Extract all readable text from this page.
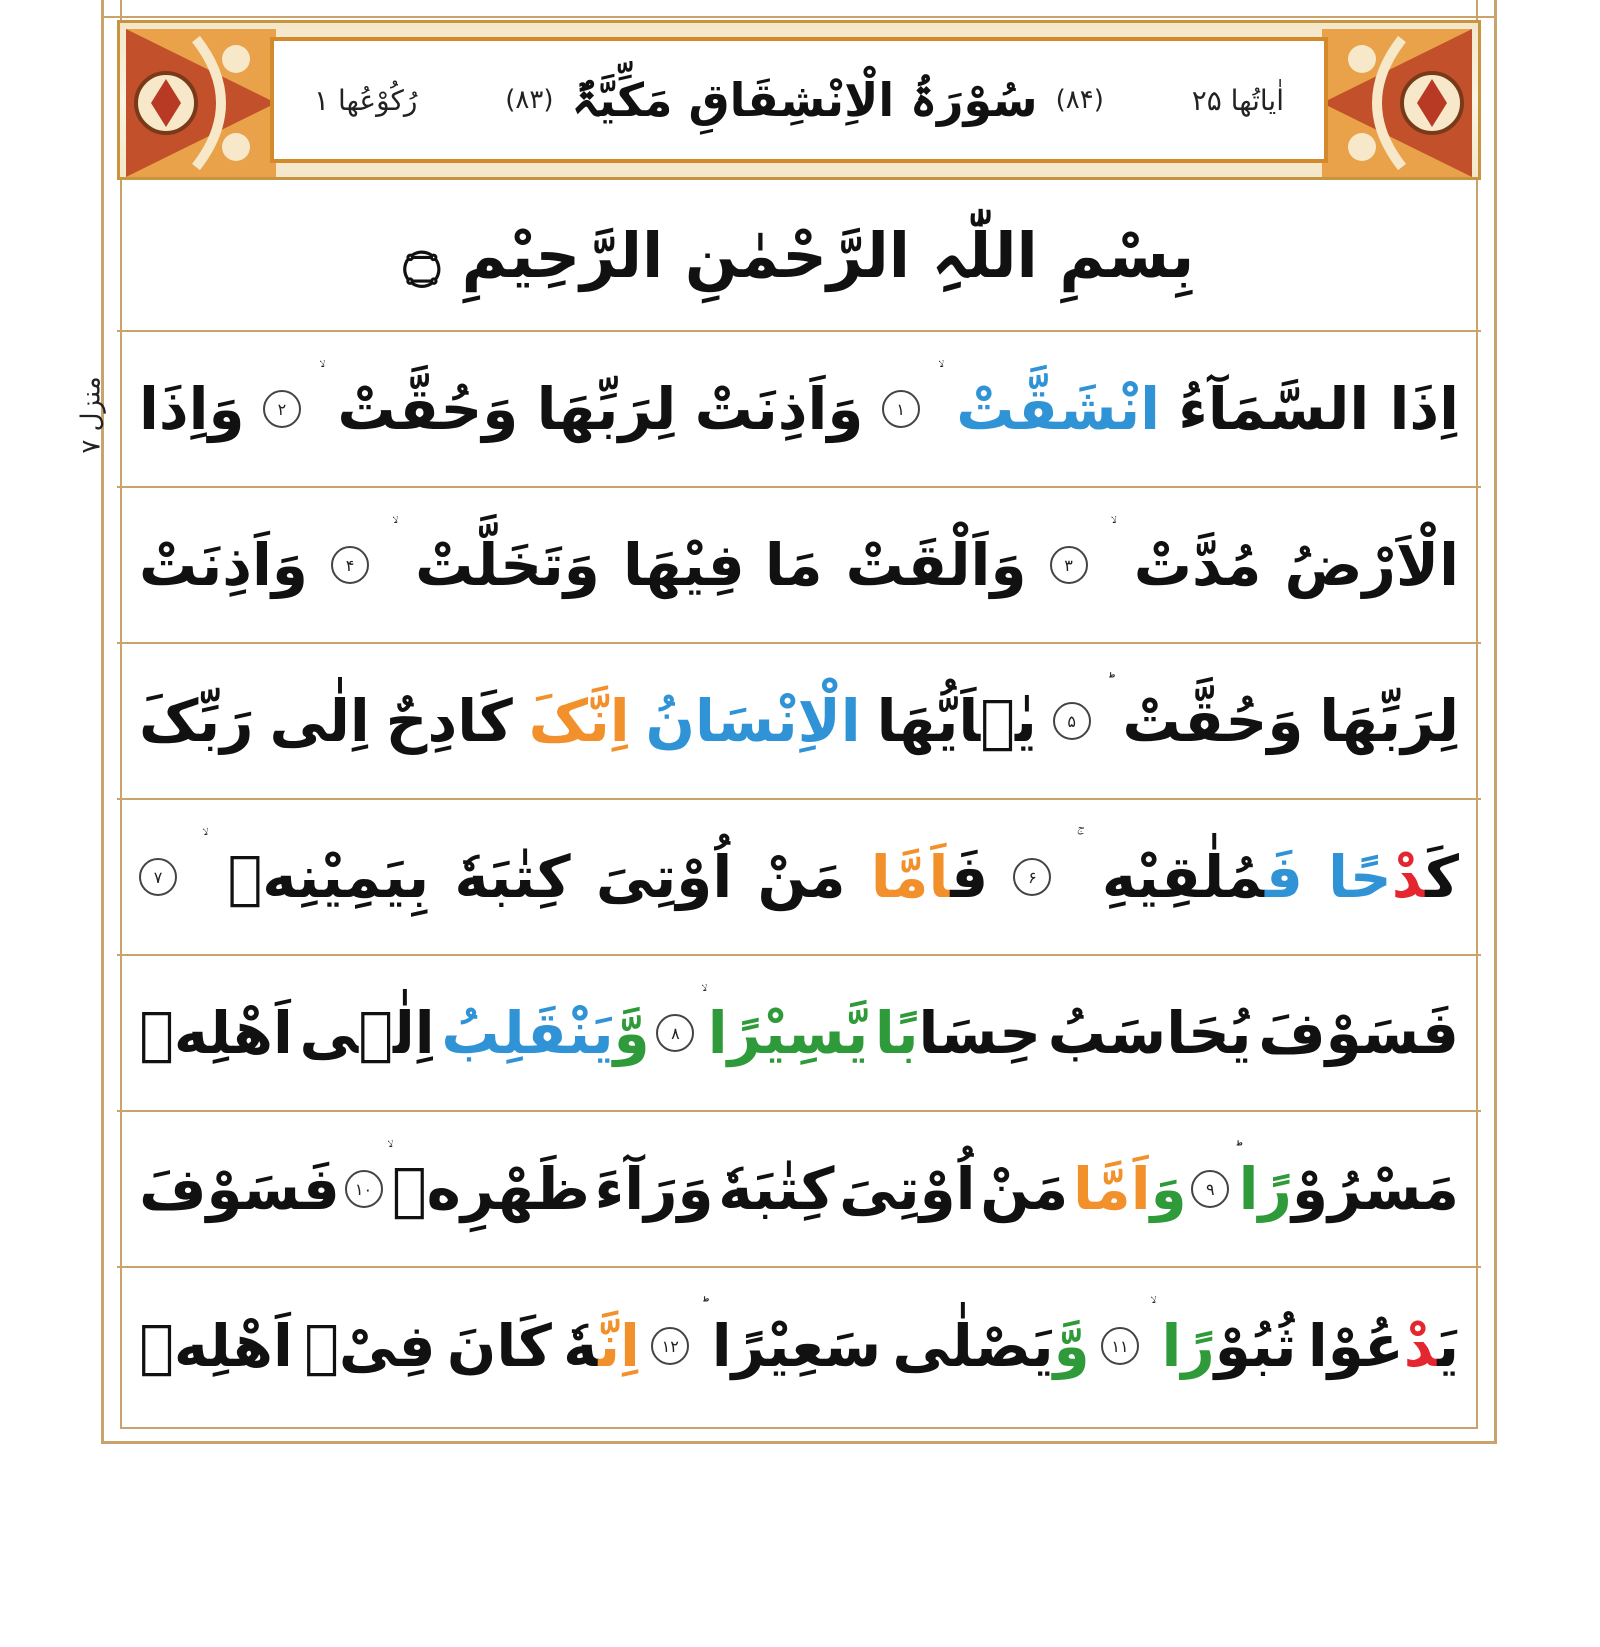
منزل ۷
اٰیاتُھا ۲۵
(۸۴)
سُوْرَۃُ الْاِنْشِقَاقِ مَکِّیَّۃٌ
(۸۳)
رُکُوْعُھا ۱
بِسْمِ اللّٰہِ الرَّحْمٰنِ الرَّحِیْمِ ۝
اِذَا السَّمَآءُ
انْشَقَّتْ
۱
وَاَذِنَتْ
لِرَبِّھَا
وَحُقَّتْ
۲
وَاِذَا
الْاَرْضُ
مُدَّتْ
۳
وَاَلْقَتْ
مَا فِیْھَا
وَتَخَلَّتْ
۴
وَاَذِنَتْ
لِرَبِّھَا
وَحُقَّتْ
۵
یٰۤاَیُّھَا
الْاِنْسَانُ
اِنَّکَ
کَادِحٌ
اِلٰی
رَبِّکَ
کَدْحًا
فَمُلٰقِیْهِ
۶
فَاَمَّا
مَنْ
اُوْتِیَ
کِتٰبَهٗ
بِیَمِیْنِهٖ
۷
فَسَوْفَ
یُحَاسَبُ
حِسَابًا
یَّسِیْرًا
۸
وَّیَنْقَلِبُ
اِلٰۤی
اَهْلِهٖ
مَسْرُوْرًا
۹
وَاَمَّا
مَنْ
اُوْتِیَ
کِتٰبَهٗ
وَرَآءَ
ظَهْرِهٖ
۱۰
فَسَوْفَ
یَدْعُوْا
ثُبُوْرًا
۱۱
وَّیَصْلٰی
سَعِیْرًا
۱۲
اِنَّهٗ
کَانَ
فِیْۤ
اَهْلِهٖ
